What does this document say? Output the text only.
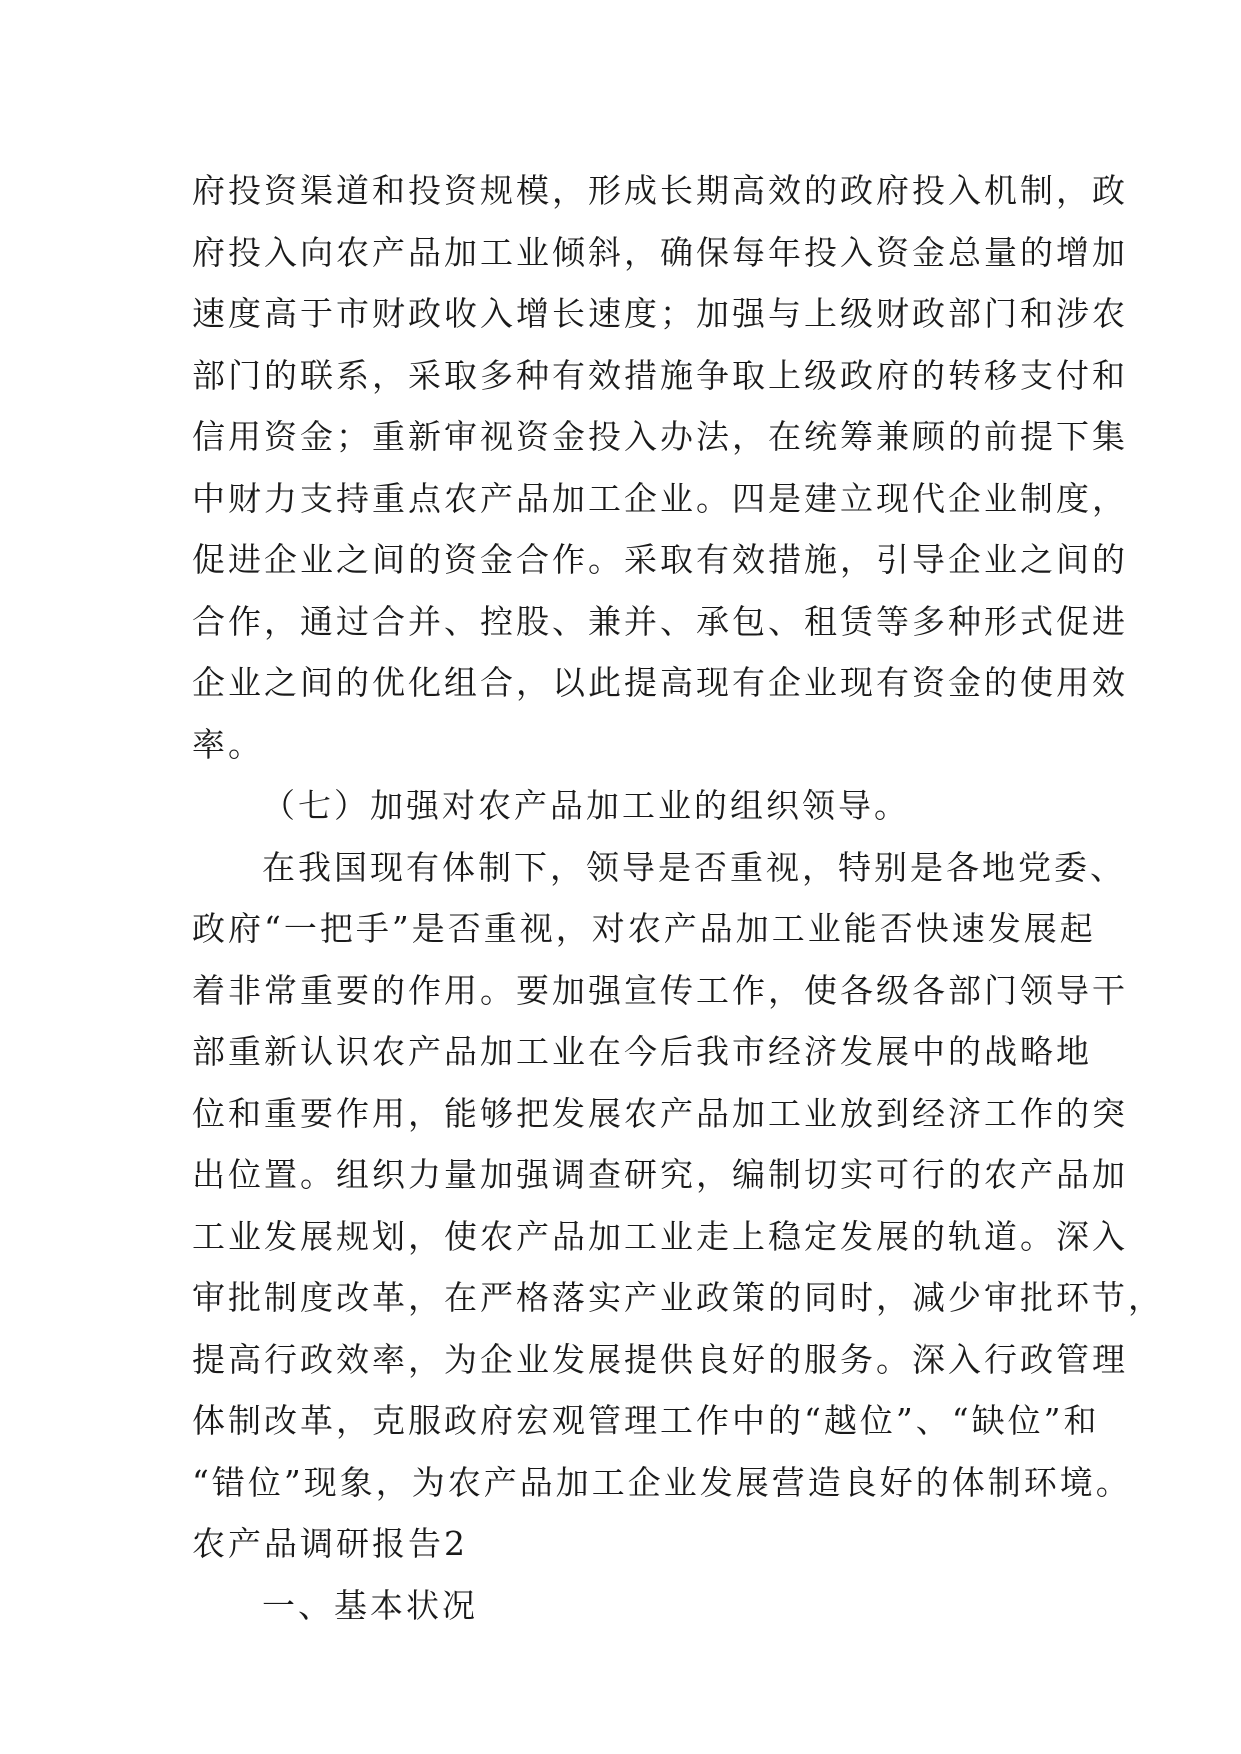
府投资渠道和投资规模，形成长期高效的政府投入机制，政
府投入向农产品加工业倾斜，确保每年投入资金总量的增加
速度高于市财政收入增长速度；加强与上级财政部门和涉农
部门的联系，采取多种有效措施争取上级政府的转移支付和
信用资金；重新审视资金投入办法，在统筹兼顾的前提下集
中财力支持重点农产品加工企业。四是建立现代企业制度，
促进企业之间的资金合作。采取有效措施，引导企业之间的
合作，通过合并、控股、兼并、承包、租赁等多种形式促进
企业之间的优化组合，以此提高现有企业现有资金的使用效
率。

（七）加强对农产品加工业的组织领导。

在我国现有体制下，领导是否重视，特别是各地党委、
政府“一把手”是否重视，对农产品加工业能否快速发展起
着非常重要的作用。要加强宣传工作，使各级各部门领导干
部重新认识农产品加工业在今后我市经济发展中的战略地
位和重要作用，能够把发展农产品加工业放到经济工作的突
出位置。组织力量加强调查研究，编制切实可行的农产品加
工业发展规划，使农产品加工业走上稳定发展的轨道。深入
审批制度改革，在严格落实产业政策的同时，减少审批环节，
提高行政效率，为企业发展提供良好的服务。深入行政管理
体制改革，克服政府宏观管理工作中的“越位”、“缺位”和
“错位”现象，为农产品加工企业发展营造良好的体制环境。

农产品调研报告2

一、基本状况
